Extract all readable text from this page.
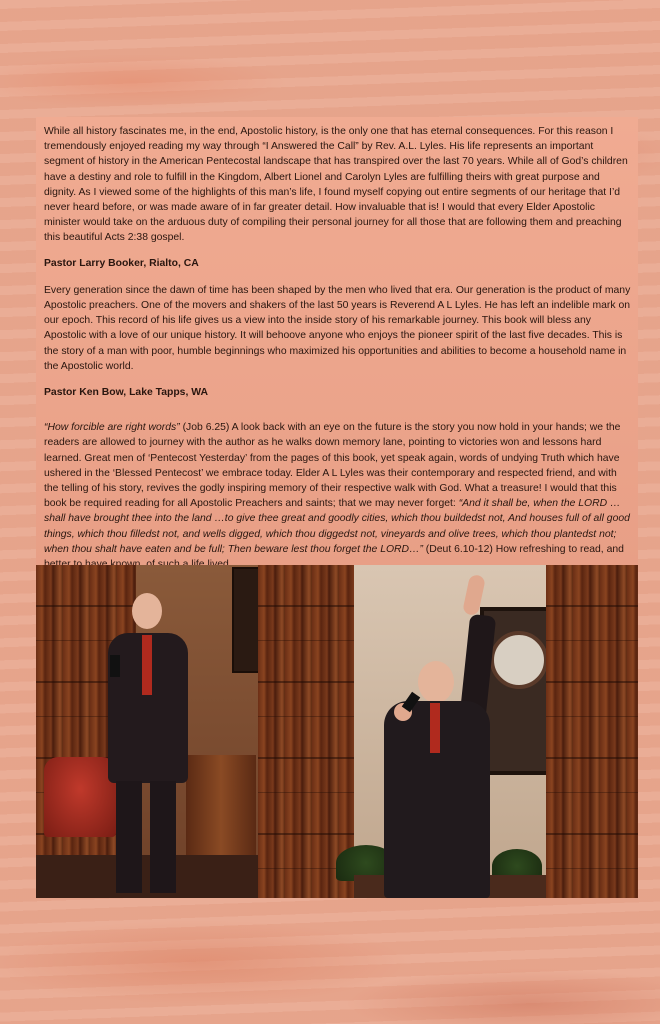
While all history fascinates me, in the end, Apostolic history, is the only one that has eternal consequences. For this reason I tremendously enjoyed reading my way through “I Answered the Call” by Rev. A.L. Lyles. His life represents an important segment of history in the American Pentecostal landscape that has transpired over the last 70 years. While all of God’s children have a destiny and role to fulfill in the Kingdom, Albert Lionel and Carolyn Lyles are fulfilling theirs with great purpose and dignity. As I viewed some of the highlights of this man’s life, I found myself copying out entire segments of our heritage that I’d never heard before, or was made aware of in far greater detail. How invaluable that is! I would that every Elder Apostolic minister would take on the arduous duty of compiling their personal journey for all those that are following them and preaching this beautiful Acts 2:38 gospel.

Pastor Larry Booker, Rialto, CA

Every generation since the dawn of time has been shaped by the men who lived that era. Our generation is the product of many Apostolic preachers. One of the movers and shakers of the last 50 years is Reverend A L Lyles. He has left an indelible mark on our epoch. This record of his life gives us a view into the inside story of his remarkable journey. This book will bless any Apostolic with a love of our unique history. It will behoove anyone who enjoys the pioneer spirit of the last five decades. This is the story of a man with poor, humble beginnings who maximized his opportunities and abilities to become a household name in the Apostolic world.

Pastor Ken Bow, Lake Tapps, WA

“How forcible are right words” (Job 6.25) A look back with an eye on the future is the story you now hold in your hands; we the readers are allowed to journey with the author as he walks down memory lane, pointing to victories won and lessons hard learned. Great men of ‘Pentecost Yesterday’ from the pages of this book, yet speak again, words of undying Truth which have ushered in the ‘Blessed Pentecost’ we embrace today. Elder A L Lyles was their contemporary and respected friend, and with the telling of his story, revives the godly inspiring memory of their respective walk with God. What a treasure! I would that this book be required reading for all Apostolic Preachers and saints; that we may never forget: “And it shall be, when the LORD … shall have brought thee into the land …to give thee great and goodly cities, which thou buildedst not, And houses full of all good things, which thou filledst not, and wells digged, which thou diggedst not, vineyards and olive trees, which thou plantedst not; when thou shalt have eaten and be full; Then beware lest thou forget the LORD…” (Deut 6.10-12) How refreshing to read, and
